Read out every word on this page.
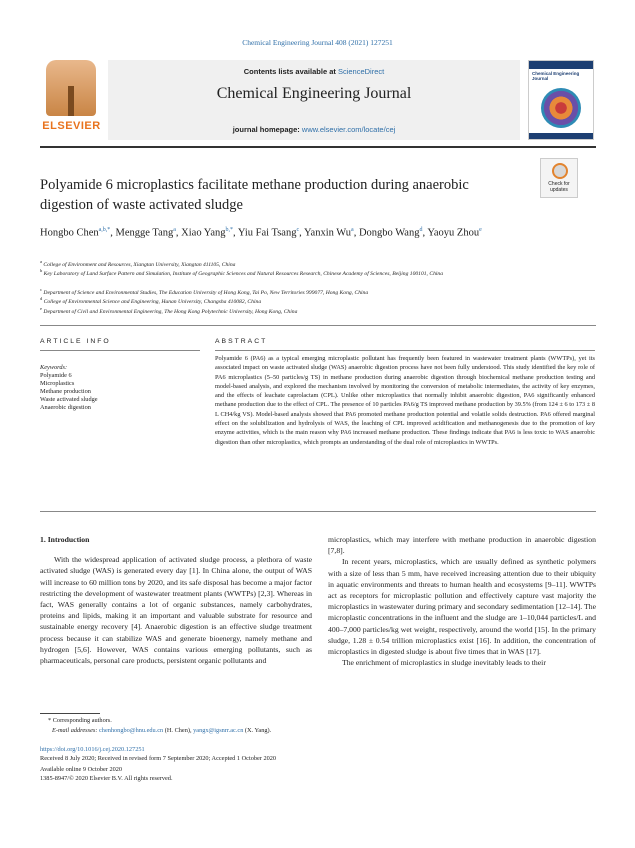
Chemical Engineering Journal 408 (2021) 127251
ELSEVIER
Contents lists available at ScienceDirect
Chemical Engineering Journal
journal homepage: www.elsevier.com/locate/cej
Chemical Engineering Journal
Polyamide 6 microplastics facilitate methane production during anaerobic digestion of waste activated sludge
Check for updates
Hongbo Chen$^{a,b,*}$, Mengge Tang$^a$, Xiao Yang$^{b,*}$, Yiu Fai Tsang$^c$, Yanxin Wu$^a$, Dongbo Wang$^d$, Yaoyu Zhou$^e$
$^a$ College of Environment and Resources, Xiangtan University, Xiangtan 411105, China
$^b$ Key Laboratory of Land Surface Pattern and Simulation, Institute of Geographic Sciences and Natural Resources Research, Chinese Academy of Sciences, Beijing 100101, China
$^c$ Department of Science and Environmental Studies, The Education University of Hong Kong, Tai Po, New Territories 999077, Hong Kong, China
$^d$ College of Environmental Science and Engineering, Hunan University, Changsha 410082, China
$^e$ Department of Civil and Environmental Engineering, The Hong Kong Polytechnic University, Hong Kong, China
ARTICLE INFO
Keywords:
Polyamide 6
Microplastics
Methane production
Waste activated sludge
Anaerobic digestion
ABSTRACT
Polyamide 6 (PA6) as a typical emerging microplastic pollutant has frequently been featured in wastewater treatment plants (WWTPs), yet its associated impact on waste activated sludge (WAS) anaerobic digestion process have not been fully understood. This study identified the key role of PA6 microplastics (5–50 particles/g TS) in methane production during anaerobic digestion through biochemical methane production testing and model-based analysis, and explored the mechanism involved by monitoring the conversion of metabolic intermediates, the activity of key enzymes, and the effects of leachate caprolactam (CPL). Unlike other microplastics that normally inhibit anaerobic digestion, PA6 significantly enhanced methane production due to the effect of CPL. The presence of 10 particles PA6/g TS improved methane production by 39.5% (from 124 ± 6 to 173 ± 8 L CH4/kg VS). Model-based analysis showed that PA6 promoted methane production potential and volatile solids destruction. PA6 offered marginal effect on the solubilization and hydrolysis of WAS, the leaching of CPL improved acidification and methanogenesis due to the promotion of key enzyme activities, which is the main reason why PA6 increased methane production. These findings indicate that PA6 is less toxic to WAS anaerobic digestion than other microplastics, which prompts an understanding of the dual role of microplastics in WWTPs.

1. Introduction

With the widespread application of activated sludge process, a plethora of waste activated sludge (WAS) is generated every day [1]. In China alone, the output of WAS will increase to 60 million tons by 2020, and its safe disposal has become a major factor restricting the development of wastewater treatment plants (WWTPs) [2,3]. Whereas in fact, WAS generally contains a lot of organic substances, namely carbohydrates, proteins and lipids, making it an important and valuable substrate for resource and sustainable energy recovery [4]. Anaerobic digestion is an effective sludge treatment process because it can stabilize WAS and generate bioenergy, namely methane and hydrogen [5,6]. However, WAS contains various emerging pollutants, such as pharmaceuticals, personal care products, persistent organic pollutants and

microplastics, which may interfere with methane production in anaerobic digestion [7,8].

In recent years, microplastics, which are usually defined as synthetic polymers with a size of less than 5 mm, have received increasing attention due to their ubiquity in aquatic environments and threats to human health and ecosystems [9–11]. WWTPs act as receptors for microplastic pollution and effectively capture vast majority the microplastics in wastewater during primary and secondary sedimentation [12–14]. The microplastic concentrations in the influent and the sludge are 1–10,044 particles/L and 400–7,000 particles/kg wet weight, respectively, around the world [15]. In the primary sludge, 1.28 ± 0.54 trillion microplastics exist [16]. In addition, the concentration of microplastics in digested sludge is about five times that in WAS [17].

The enrichment of microplastics in sludge inevitably leads to their

* Corresponding authors.
E-mail addresses: chenhongbo@hnu.edu.cn (H. Chen), yangx@igsnrr.ac.cn (X. Yang).
https://doi.org/10.1016/j.cej.2020.127251
Received 8 July 2020; Received in revised form 7 September 2020; Accepted 1 October 2020
Available online 9 October 2020
1385-8947/© 2020 Elsevier B.V. All rights reserved.
